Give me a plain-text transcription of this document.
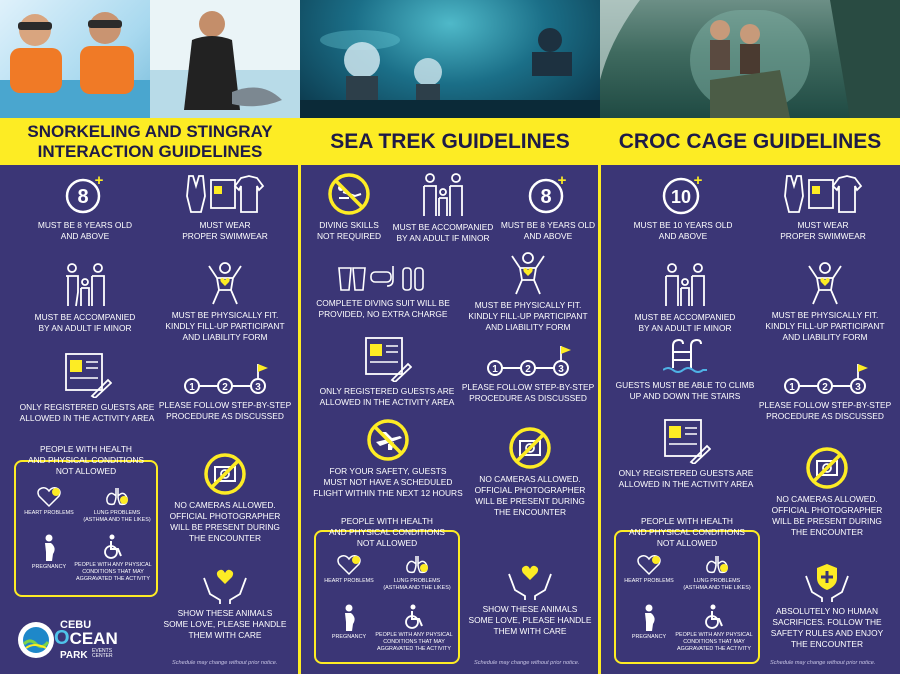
SNORKELING AND STINGRAY INTERACTION GUIDELINES	SEA TREK GUIDELINES	CROC CAGE GUIDELINES
8
+
MUST BE 8 YEARS OLD
AND ABOVE
MUST WEAR
PROPER SWIMWEAR
MUST BE ACCOMPANIED
BY AN ADULT IF MINOR
MUST BE PHYSICALLY FIT.
KINDLY FILL-UP PARTICIPANT
AND LIABILITY FORM
ONLY REGISTERED GUESTS ARE
ALLOWED IN THE ACTIVITY AREA
1	2	3
PLEASE FOLLOW STEP-BY-STEP
PROCEDURE AS DISCUSSED
PEOPLE WITH HEALTH
AND PHYSICAL CONDITIONS
NOT ALLOWED
HEART PROBLEMS	LUNG PROBLEMS
(ASTHMA AND THE LIKES)
PREGNANCY	PEOPLE WITH ANY PHYSICAL
CONDITIONS THAT MAY
AGGRAVATED THE ACTIVITY
NO CAMERAS ALLOWED.
OFFICIAL PHOTOGRAPHER
WILL BE PRESENT DURING
THE ENCOUNTER
SHOW THESE ANIMALS
SOME LOVE, PLEASE HANDLE
THEM WITH CARE
Schedule may change without prior notice.
CEBU
OCEAN
PARK EVENTS
CENTER
DIVING SKILLS
NOT REQUIRED
MUST BE ACCOMPANIED
BY AN ADULT IF MINOR
8
+
MUST BE 8 YEARS OLD
AND ABOVE
COMPLETE DIVING SUIT WILL BE
PROVIDED, NO EXTRA CHARGE
MUST BE PHYSICALLY FIT.
KINDLY FILL-UP PARTICIPANT
AND LIABILITY FORM
ONLY REGISTERED GUESTS ARE
ALLOWED IN THE ACTIVITY AREA
1	2	3
PLEASE FOLLOW STEP-BY-STEP
PROCEDURE AS DISCUSSED
FOR YOUR SAFETY, GUESTS
MUST NOT HAVE A SCHEDULED
FLIGHT WITHIN THE NEXT 12 HOURS
NO CAMERAS ALLOWED.
OFFICIAL PHOTOGRAPHER
WILL BE PRESENT DURING
THE ENCOUNTER
PEOPLE WITH HEALTH
AND PHYSICAL CONDITIONS
NOT ALLOWED
HEART PROBLEMS	LUNG PROBLEMS
(ASTHMA AND THE LIKES)
PREGNANCY	PEOPLE WITH ANY PHYSICAL
CONDITIONS THAT MAY
AGGRAVATED THE ACTIVITY
SHOW THESE ANIMALS
SOME LOVE, PLEASE HANDLE
THEM WITH CARE
Schedule may change without prior notice.
10
+
MUST BE 10 YEARS OLD
AND ABOVE
MUST WEAR
PROPER SWIMWEAR
MUST BE ACCOMPANIED
BY AN ADULT IF MINOR
MUST BE PHYSICALLY FIT.
KINDLY FILL-UP PARTICIPANT
AND LIABILITY FORM
GUESTS MUST BE ABLE TO CLIMB
UP AND DOWN THE STAIRS
1	2	3
PLEASE FOLLOW STEP-BY-STEP
PROCEDURE AS DISCUSSED
ONLY REGISTERED GUESTS ARE
ALLOWED IN THE ACTIVITY AREA
NO CAMERAS ALLOWED.
OFFICIAL PHOTOGRAPHER
WILL BE PRESENT DURING
THE ENCOUNTER
PEOPLE WITH HEALTH
AND PHYSICAL CONDITIONS
NOT ALLOWED
HEART PROBLEMS	LUNG PROBLEMS
(ASTHMA AND THE LIKES)
PREGNANCY	PEOPLE WITH ANY PHYSICAL
CONDITIONS THAT MAY
AGGRAVATED THE ACTIVITY
ABSOLUTELY NO HUMAN
SACRIFICES. FOLLOW THE
SAFETY RULES AND ENJOY
THE ENCOUNTER
Schedule may change without prior notice.
